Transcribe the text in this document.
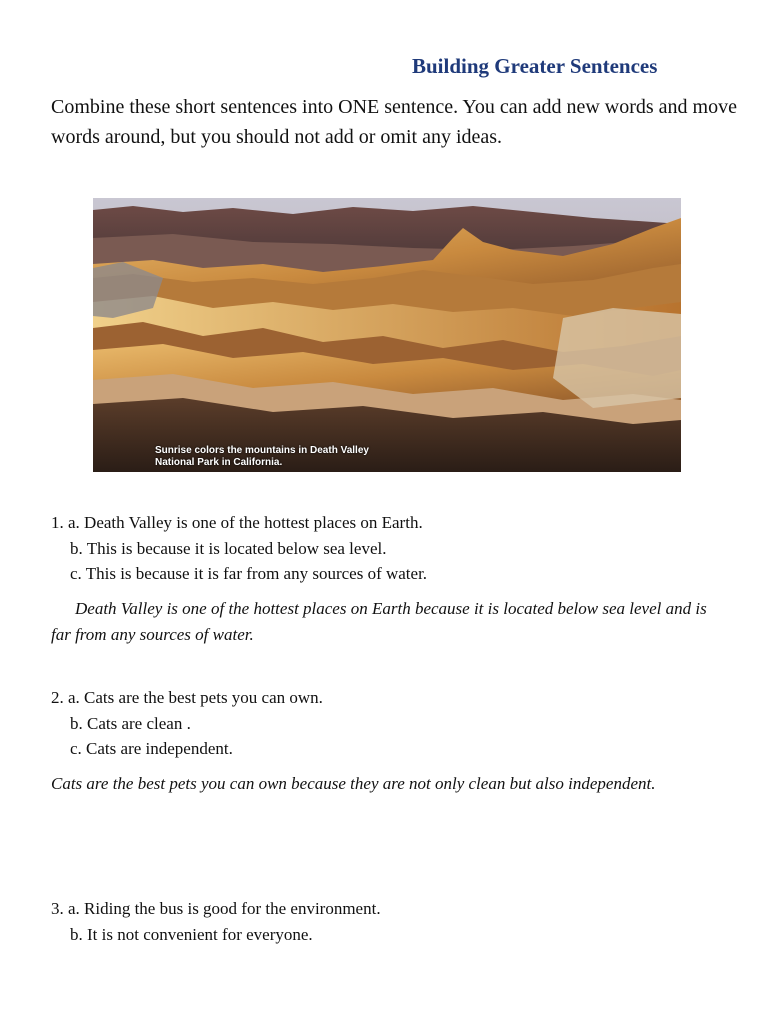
Building Greater Sentences
Combine these short sentences into ONE sentence. You can add new words and move words around, but you should not add or omit any ideas.
Sunrise colors the mountains in Death Valley
National Park in California.
1. a. Death Valley is one of the hottest places on Earth.
b. This is because it is located below sea level.
c. This is because it is far from any sources of water.
Death Valley is one of the hottest places on Earth because it is located below sea level and is far from any sources of water.
2. a. Cats are the best pets you can own.
b. Cats are clean .
c. Cats are independent.
Cats are the best pets you can own because they are not only clean but also independent.
3. a. Riding the bus is good for the environment.
b. It is not convenient for everyone.
